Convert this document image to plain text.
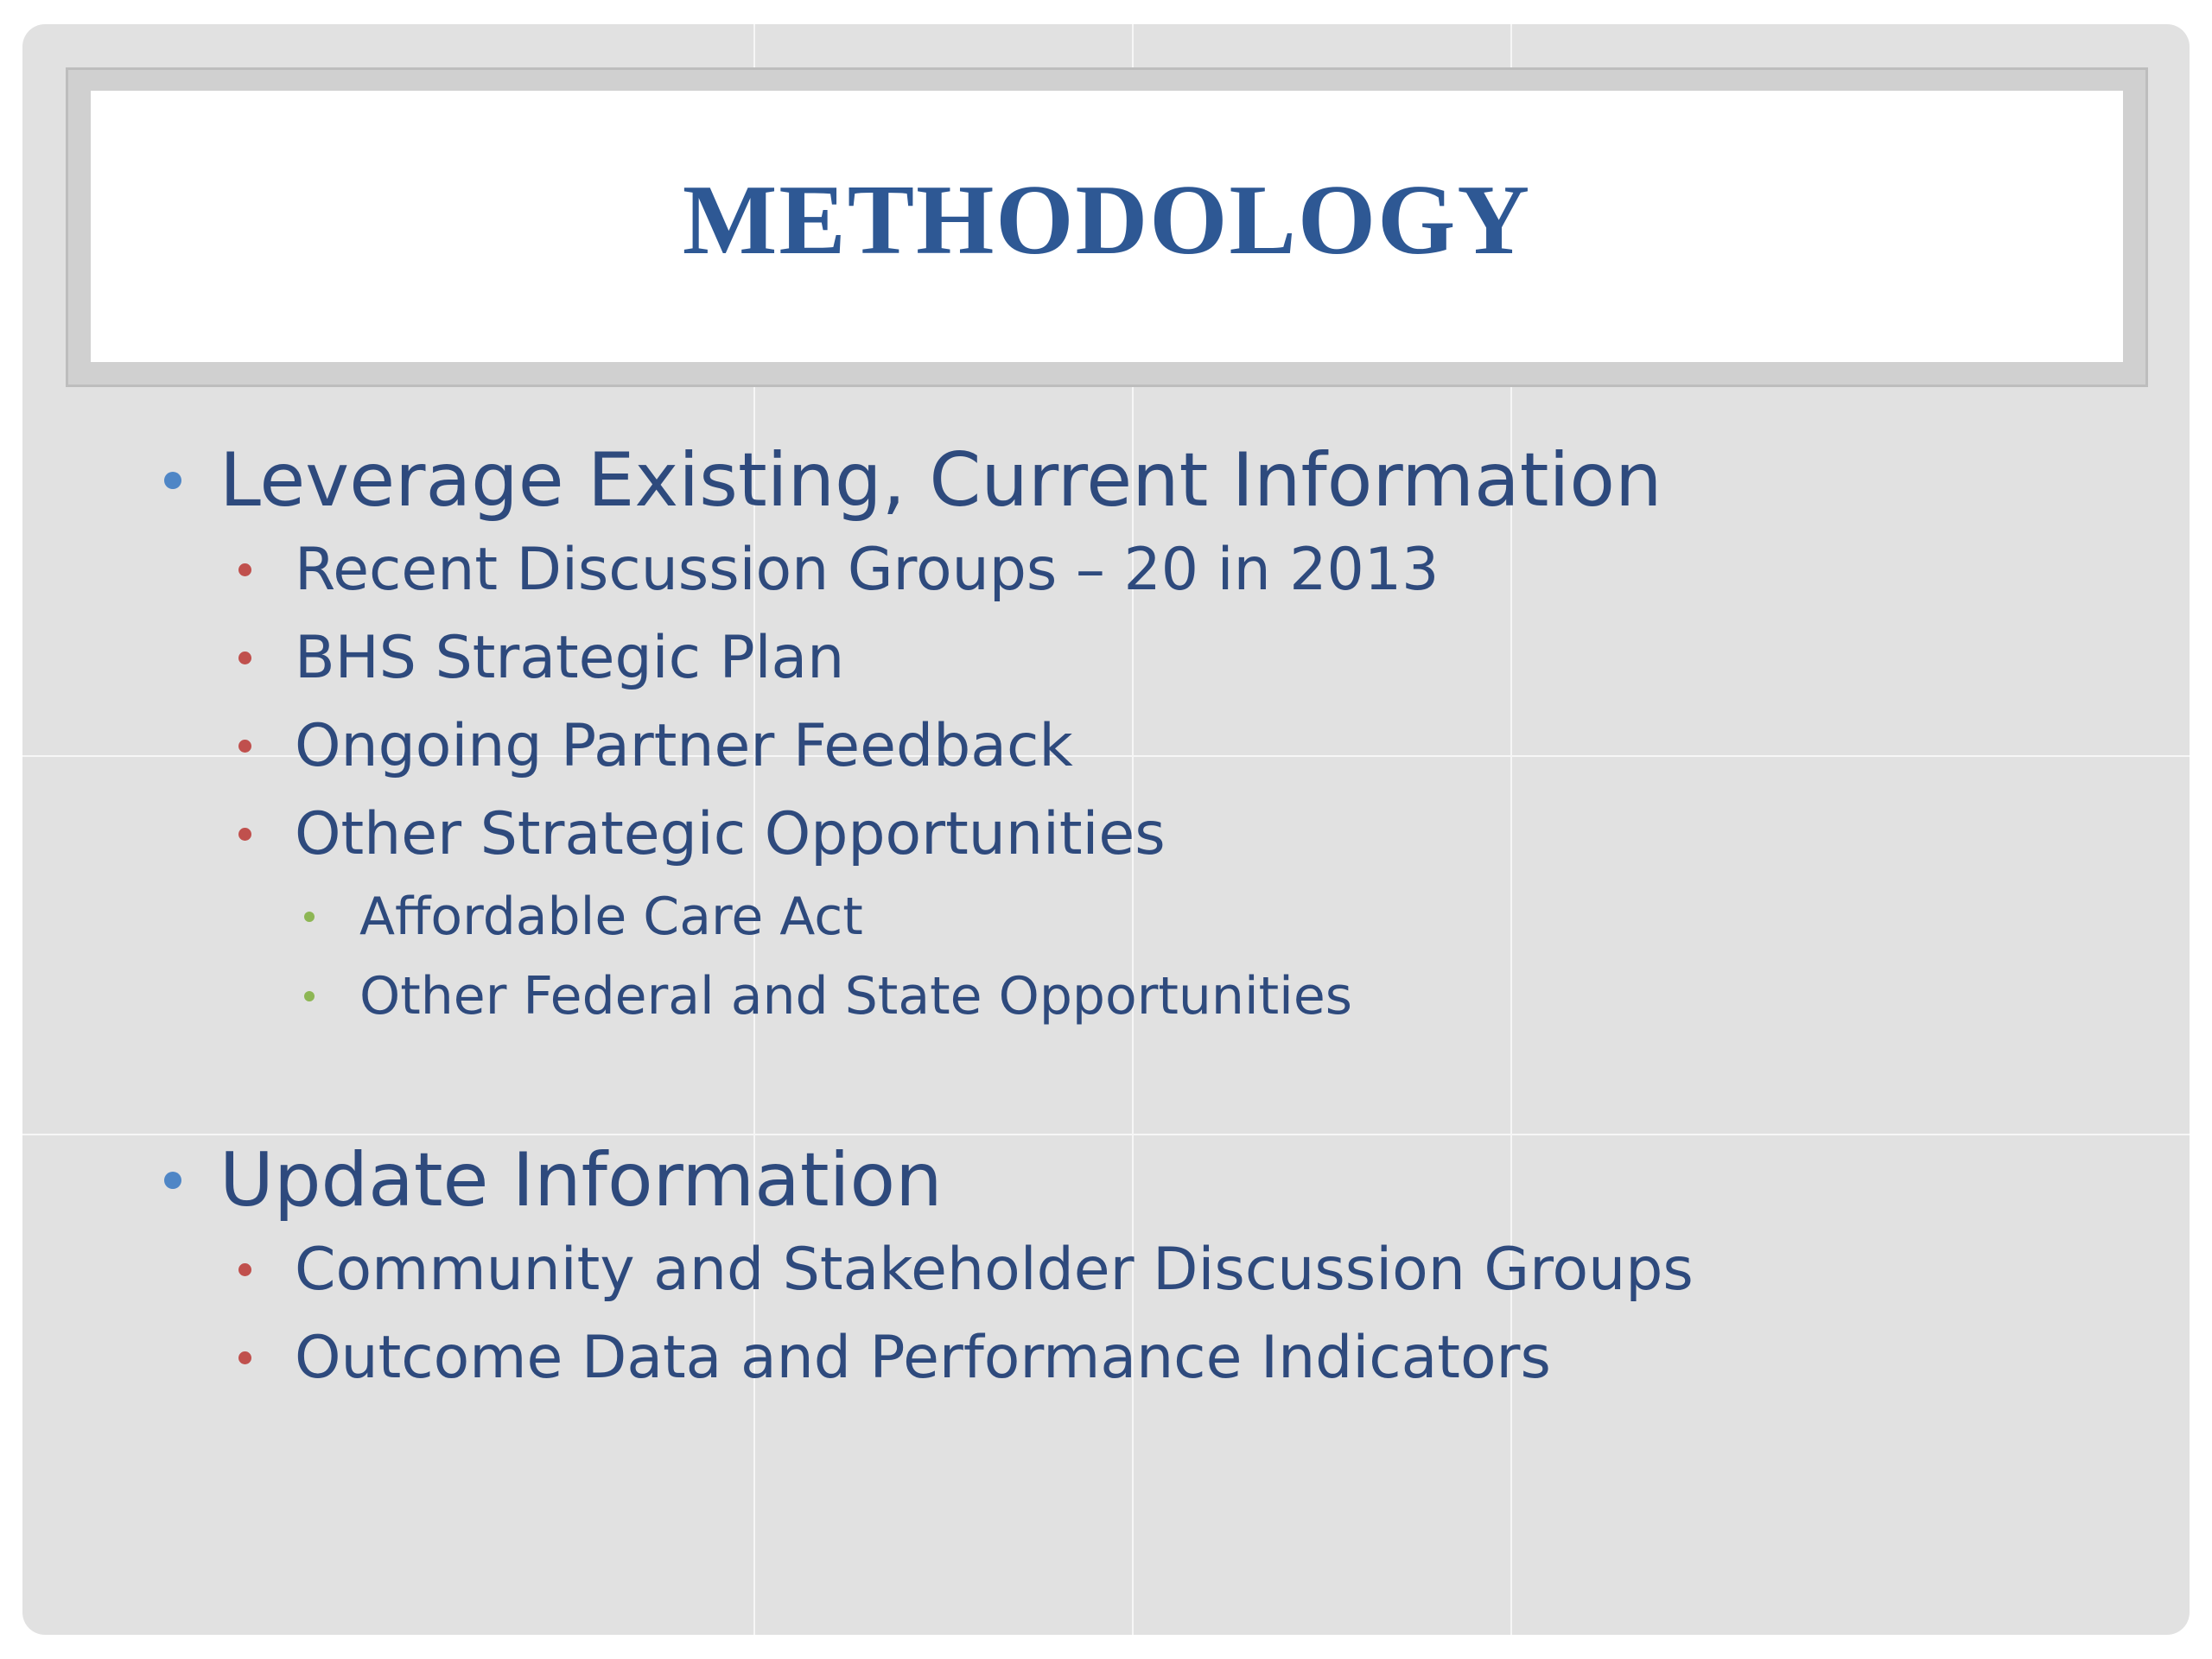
METHODOLOGY
Leverage Existing, Current Information
Recent Discussion Groups – 20 in 2013
BHS Strategic Plan
Ongoing Partner Feedback
Other Strategic Opportunities
Affordable Care Act
Other Federal and State Opportunities
Update Information
Community and Stakeholder Discussion Groups
Outcome Data and Performance Indicators
